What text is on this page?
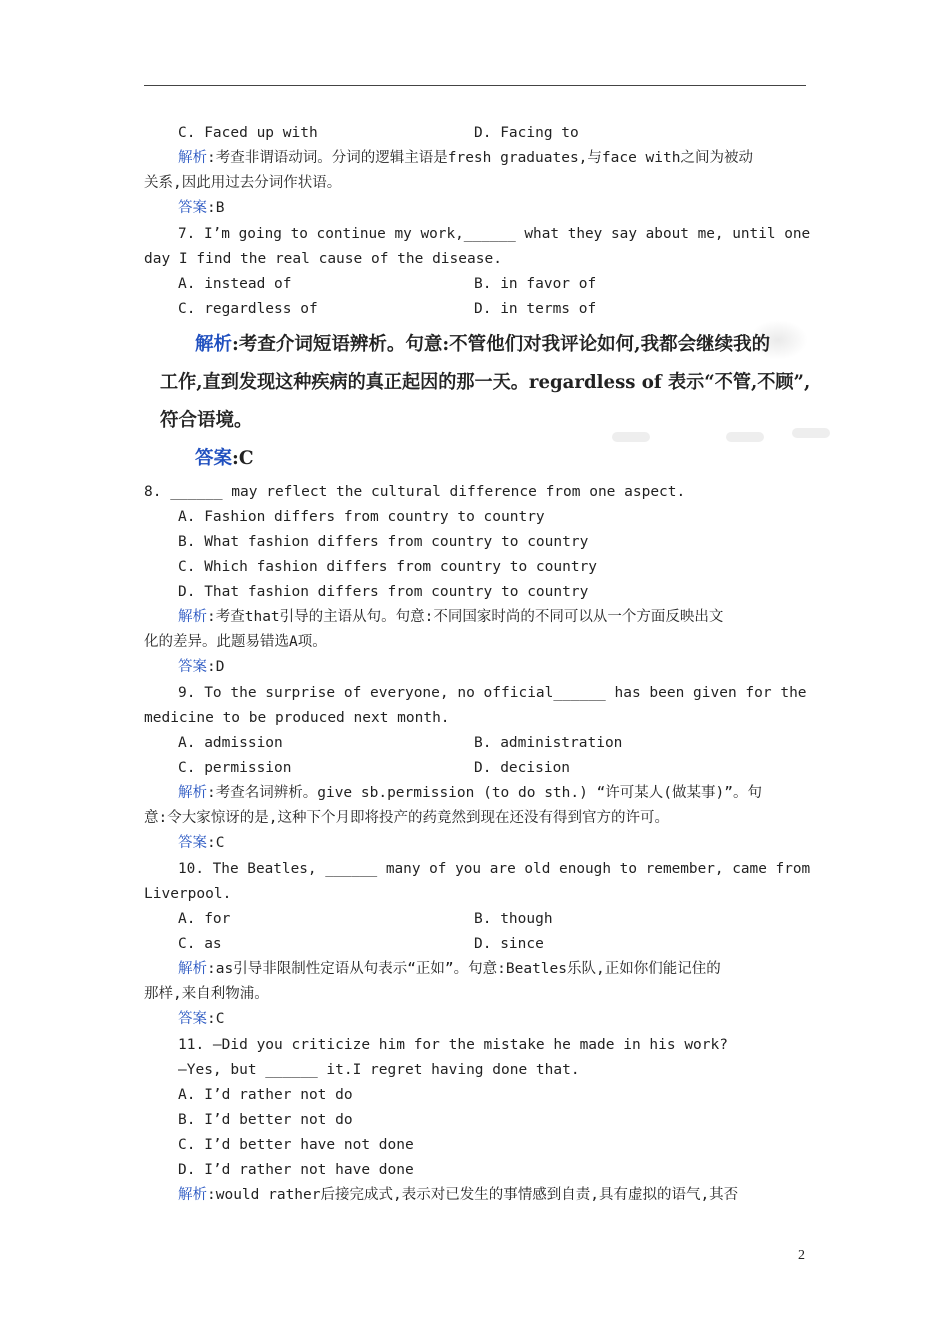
C. Faced up with	D. Facing to
解析:考查非谓语动词。分词的逻辑主语是fresh graduates,与face with之间为被动
关系,因此用过去分词作状语。
答案:B
7. I’m going to continue my work,______ what they say about me, until one
day I find the real cause of the disease.
A. instead of	B. in favor of
C. regardless of	D. in terms of
解析:考查介词短语辨析。句意:不管他们对我评论如何,我都会继续我的
工作,直到发现这种疾病的真正起因的那一天。regardless of 表示“不管,不顾”,
符合语境。
答案:C
8. ______ may reflect the cultural difference from one aspect.
A. Fashion differs from country to country
B. What fashion differs from country to country
C. Which fashion differs from country to country
D. That fashion differs from country to country
解析:考查that引导的主语从句。句意:不同国家时尚的不同可以从一个方面反映出文
化的差异。此题易错选A项。
答案:D
9. To the surprise of everyone, no official______ has been given for the
medicine to be produced next month.
A. admission	B. administration
C. permission	D. decision
解析:考查名词辨析。give sb.permission (to do sth.) “许可某人(做某事)”。句
意:令大家惊讶的是,这种下个月即将投产的药竟然到现在还没有得到官方的许可。
答案:C
10. The Beatles, ______ many of you are old enough to remember, came from
Liverpool.
A. for	B. though
C. as	D. since
解析:as引导非限制性定语从句表示“正如”。句意:Beatles乐队,正如你们能记住的
那样,来自利物浦。
答案:C
11. —Did you criticize him for the mistake he made in his work?
—Yes, but ______ it.I regret having done that.
A. I’d rather not do
B. I’d better not do
C. I’d better have not done
D. I’d rather not have done
解析:would rather后接完成式,表示对已发生的事情感到自责,具有虚拟的语气,其否
2
